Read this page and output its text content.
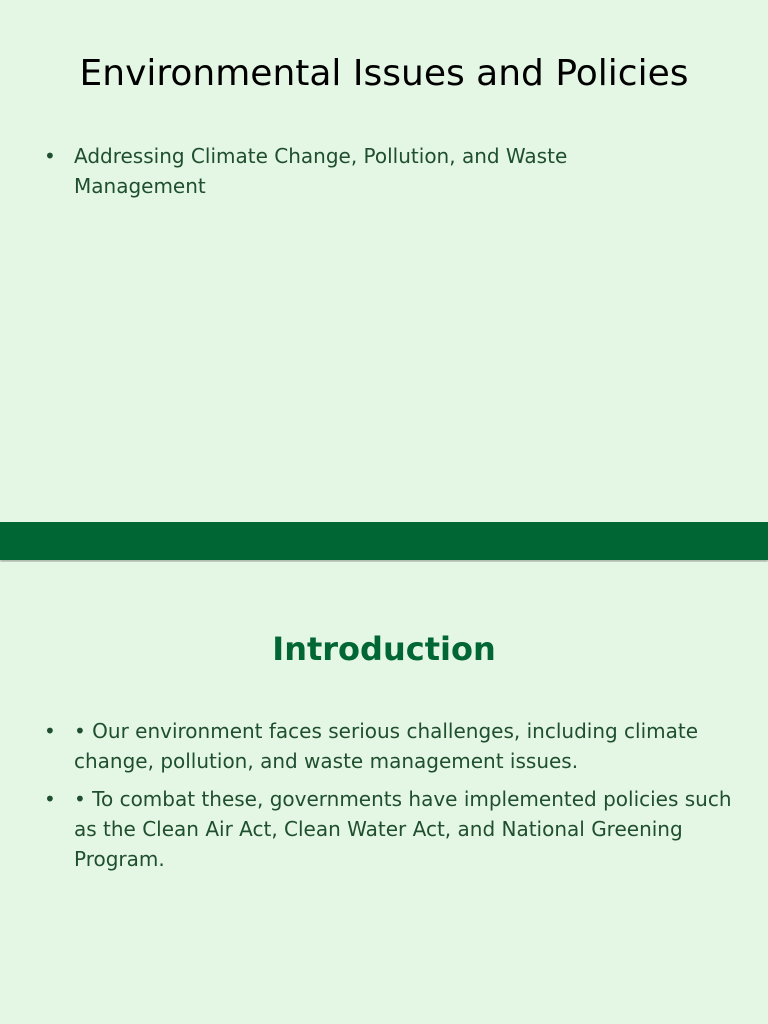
Environmental Issues and Policies
• Addressing Climate Change, Pollution, and Waste Management
Introduction
• • Our environment faces serious challenges, including climate change, pollution, and waste management issues.
• • To combat these, governments have implemented policies such as the Clean Air Act, Clean Water Act, and National Greening Program.
